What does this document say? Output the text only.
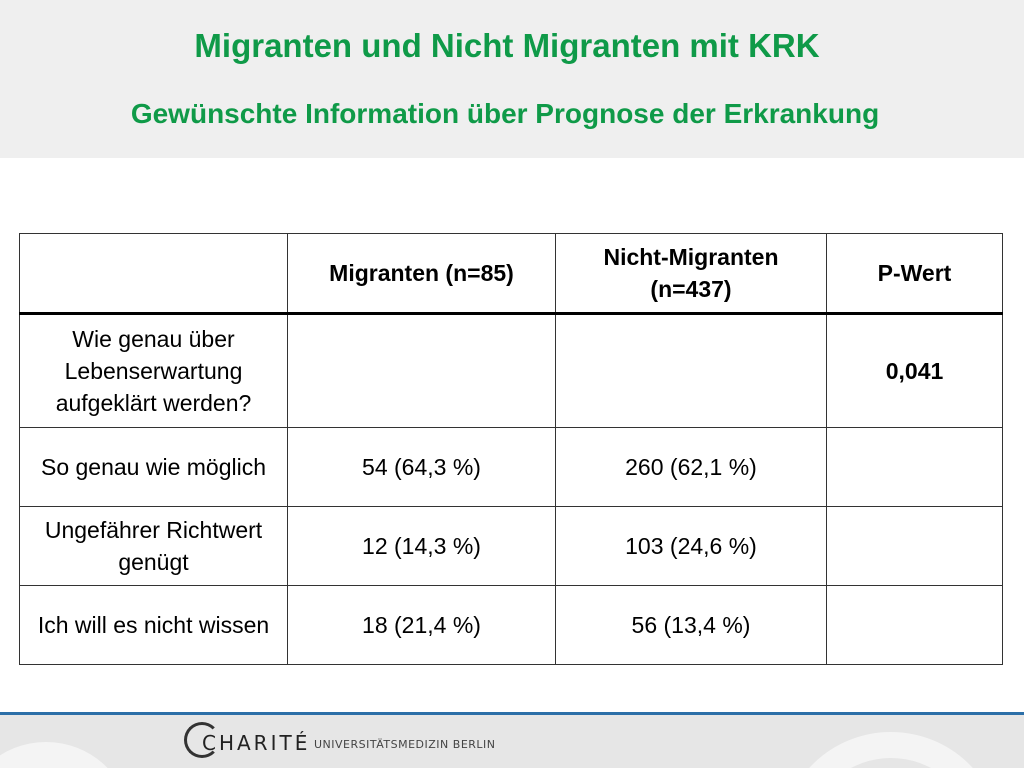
Migranten und Nicht Migranten mit KRK
Gewünschte Information über Prognose der Erkrankung
	Migranten (n=85)	Nicht-Migranten (n=437)	P-Wert
Wie genau über Lebenserwartung aufgeklärt werden?			0,041
So genau wie möglich	54 (64,3 %)	260 (62,1 %)	
Ungefährer Richtwert genügt	12 (14,3 %)	103 (24,6 %)	
Ich will es nicht wissen	18 (21,4 %)	56 (13,4 %)	
CHARITÉ UNIVERSITÄTSMEDIZIN BERLIN
